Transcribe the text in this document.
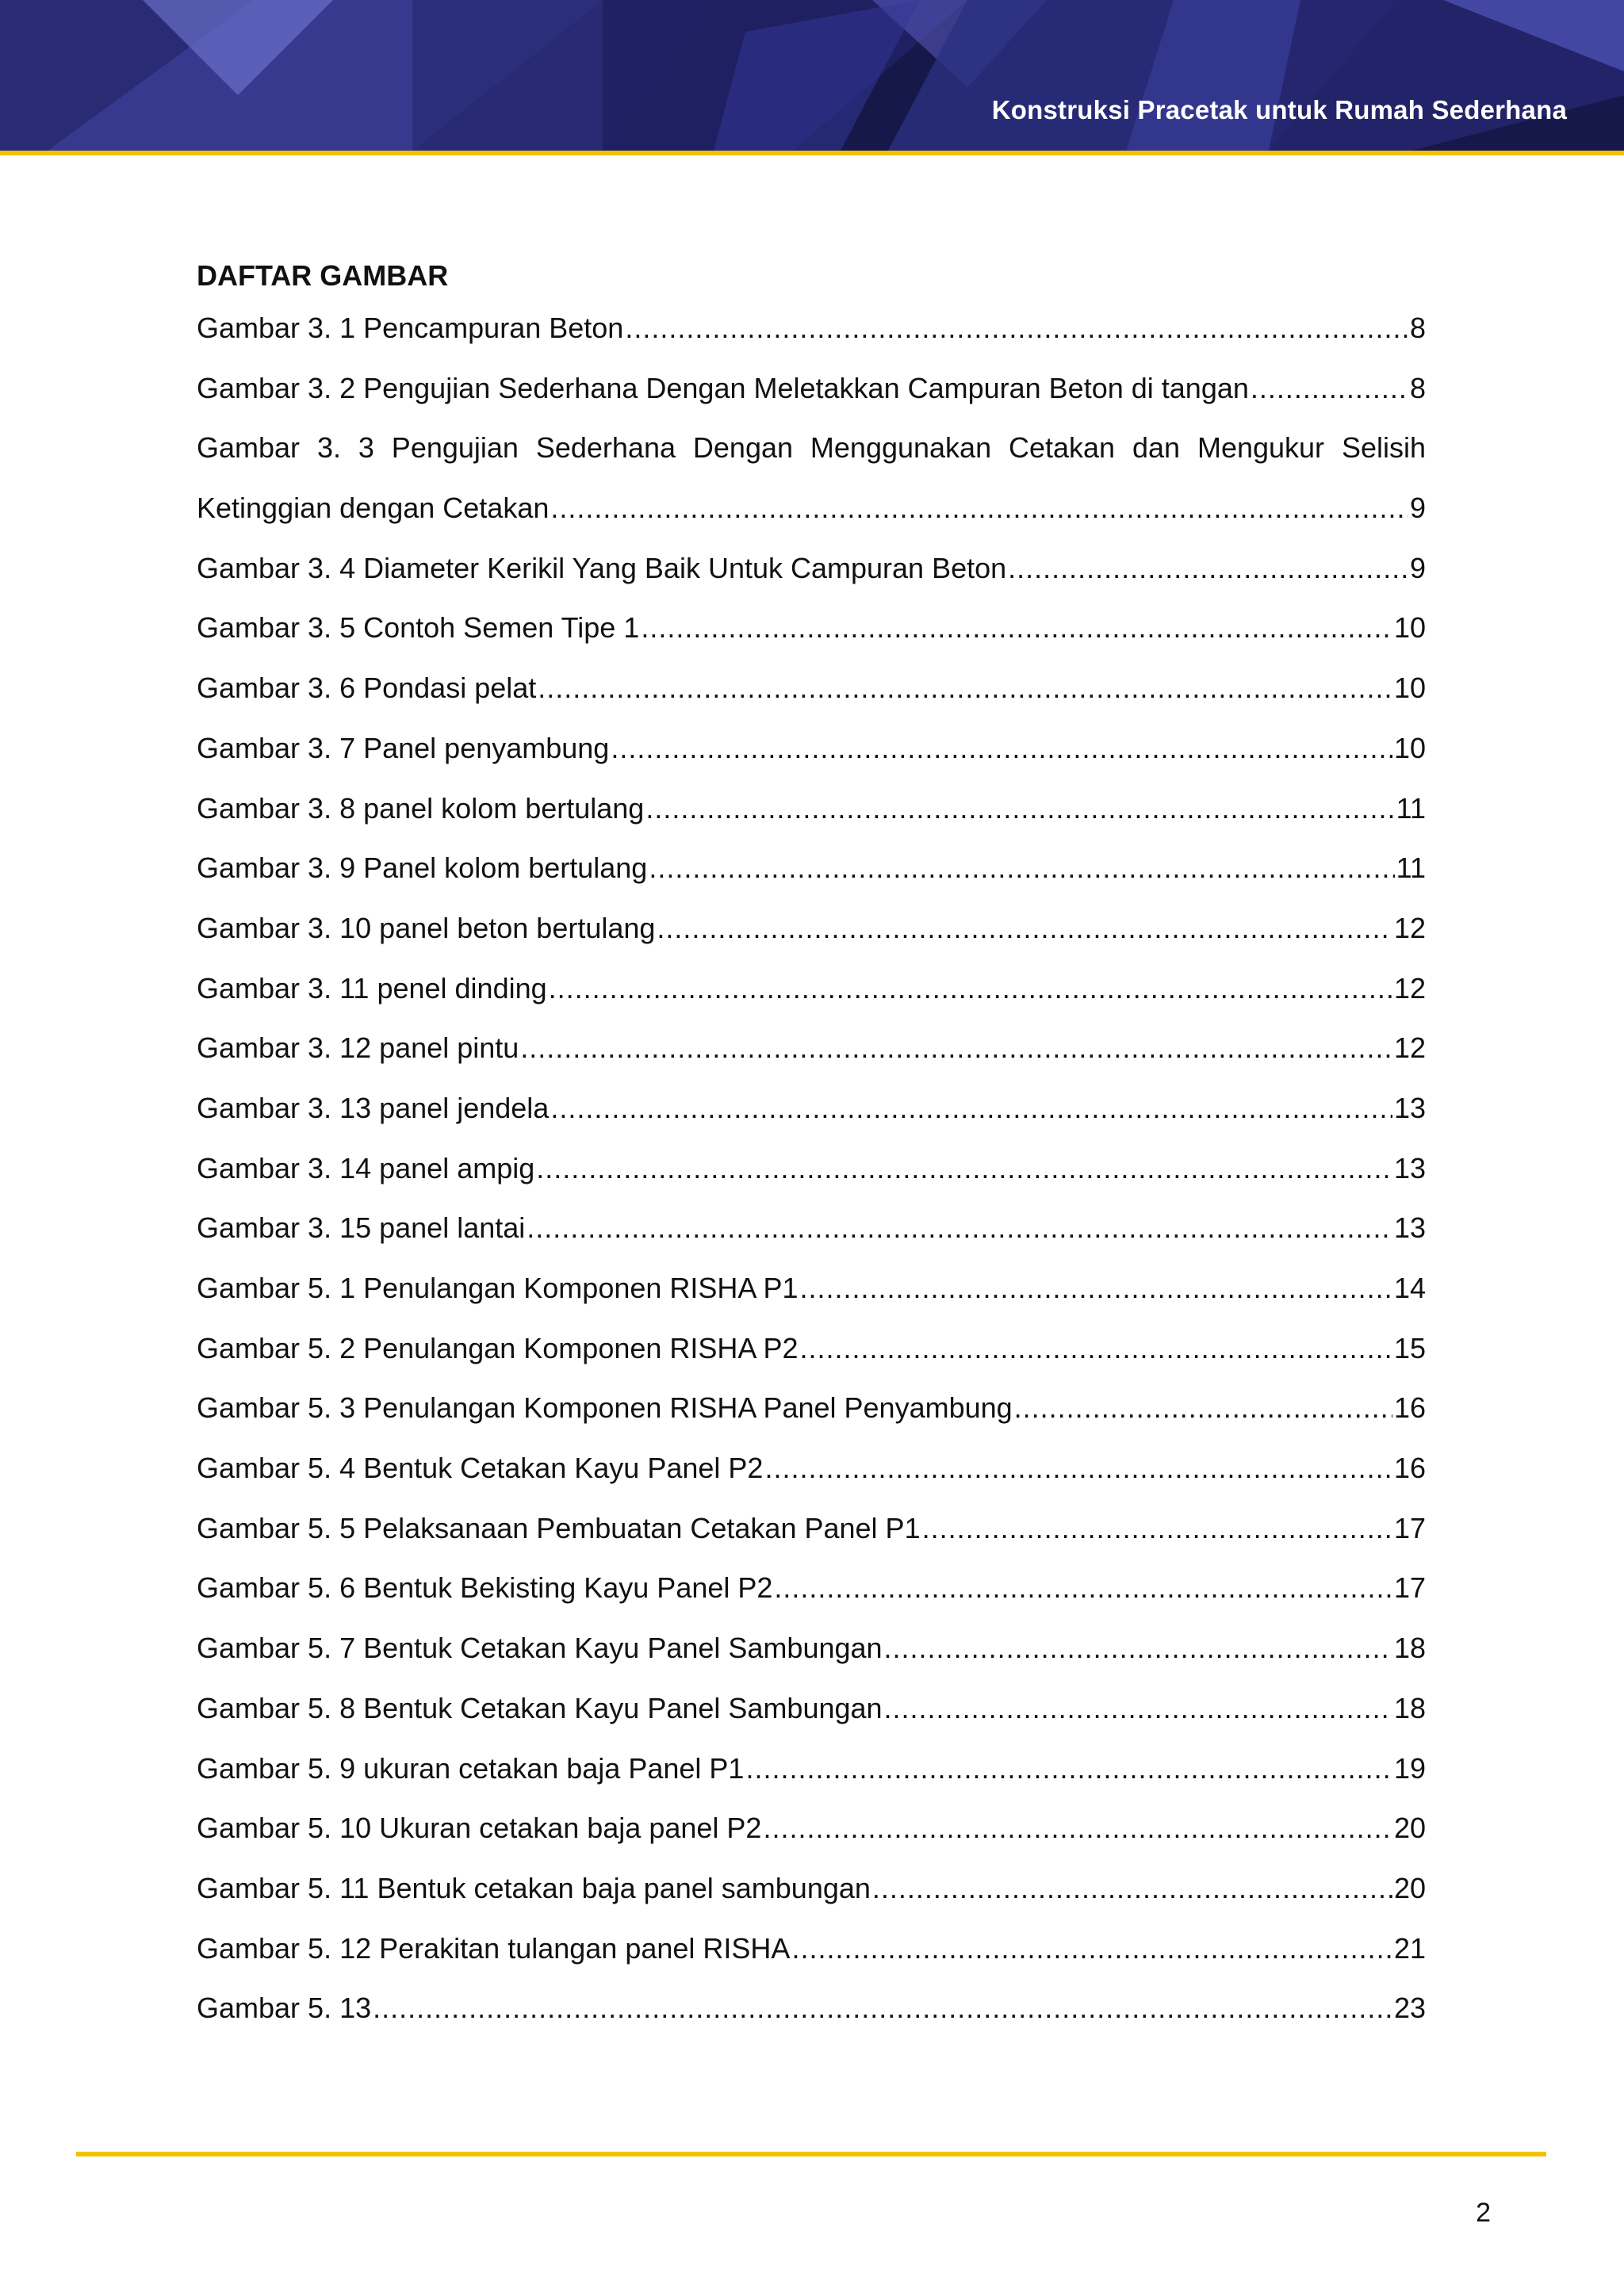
Konstruksi Pracetak untuk Rumah Sederhana
DAFTAR GAMBAR
Gambar 3. 1 Pencampuran Beton .....	8
Gambar 3. 2 Pengujian Sederhana Dengan Meletakkan Campuran Beton di tangan .....	8
Gambar 3. 3 Pengujian Sederhana Dengan Menggunakan Cetakan dan Mengukur Selisih
Ketinggian dengan Cetakan .....	9
Gambar 3. 4 Diameter Kerikil Yang Baik Untuk Campuran Beton .....	9
Gambar 3. 5 Contoh Semen Tipe 1 .....	10
Gambar 3. 6 Pondasi pelat .....	10
Gambar 3. 7 Panel penyambung .....	10
Gambar 3. 8 panel kolom bertulang .....	11
Gambar 3. 9 Panel kolom bertulang .....	11
Gambar 3. 10 panel beton bertulang .....	12
Gambar 3. 11 penel dinding .....	12
Gambar 3. 12 panel pintu .....	12
Gambar 3. 13 panel jendela .....	13
Gambar 3. 14 panel ampig .....	13
Gambar 3. 15 panel lantai .....	13
Gambar 5. 1 Penulangan Komponen RISHA P1 .....	14
Gambar 5. 2 Penulangan Komponen RISHA P2 .....	15
Gambar 5. 3 Penulangan Komponen RISHA Panel Penyambung .....	16
Gambar 5. 4 Bentuk Cetakan Kayu Panel P2 .....	16
Gambar 5. 5 Pelaksanaan Pembuatan Cetakan Panel P1 .....	17
Gambar 5. 6 Bentuk Bekisting Kayu Panel P2 .....	17
Gambar 5. 7 Bentuk Cetakan Kayu Panel Sambungan .....	18
Gambar 5. 8 Bentuk Cetakan Kayu Panel Sambungan .....	18
Gambar 5. 9 ukuran cetakan baja Panel P1 .....	19
Gambar 5. 10 Ukuran cetakan baja panel P2 .....	20
Gambar 5. 11 Bentuk cetakan baja panel sambungan .....	20
Gambar 5. 12 Perakitan tulangan panel RISHA .....	21
Gambar 5. 13 .....	23
2
